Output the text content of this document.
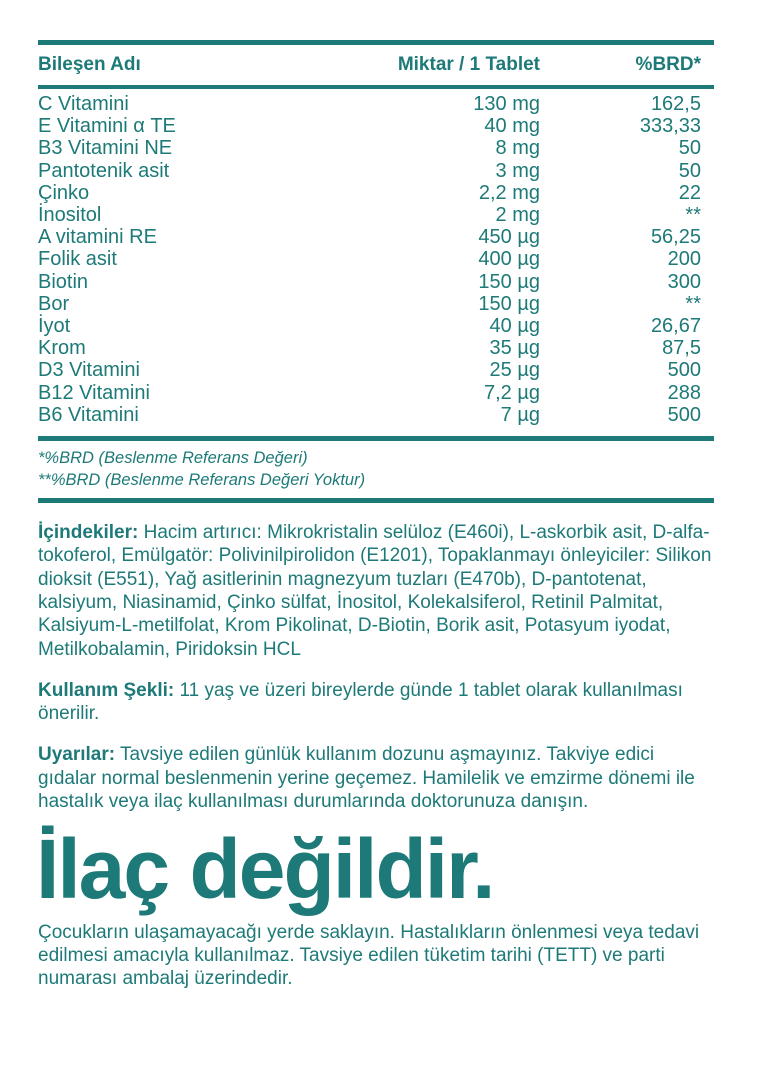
Bileşen Adı	Miktar / 1 Tablet	%BRD*
C Vitamini	130 mg	162,5
E Vitamini α TE	40 mg	333,33
B3 Vitamini NE	8 mg	50
Pantotenik asit	3 mg	50
Çinko	2,2 mg	22
İnositol	2 mg	**
A vitamini RE	450 µg	56,25
Folik asit	400 µg	200
Biotin	150 µg	300
Bor	150 µg	**
İyot	40 µg	26,67
Krom	35 µg	87,5
D3 Vitamini	25 µg	500
B12 Vitamini	7,2 µg	288
B6 Vitamini	7 µg	500
*%BRD (Beslenme Referans Değeri)
**%BRD (Beslenme Referans Değeri Yoktur)
İçindekiler: Hacim artırıcı: Mikrokristalin selüloz (E460i), L-askorbik asit, D-alfa-tokoferol, Emülgatör: Polivinilpirolidon (E1201), Topaklanmayı önleyiciler: Silikon dioksit (E551), Yağ asitlerinin magnezyum tuzları (E470b), D-pantotenat, kalsiyum, Niasinamid, Çinko sülfat, İnositol, Kolekalsiferol, Retinil Palmitat, Kalsiyum-L-metilfolat, Krom Pikolinat, D-Biotin, Borik asit, Potasyum iyodat, Metilkobalamin, Piridoksin HCL
Kullanım Şekli: 11 yaş ve üzeri bireylerde günde 1 tablet olarak kullanılması önerilir.
Uyarılar: Tavsiye edilen günlük kullanım dozunu aşmayınız. Takviye edici gıdalar normal beslenmenin yerine geçemez. Hamilelik ve emzirme dönemi ile hastalık veya ilaç kullanılması durumlarında doktorunuza danışın.
İlaç değildir.
Çocukların ulaşamayacağı yerde saklayın. Hastalıkların önlenmesi veya tedavi edilmesi amacıyla kullanılmaz. Tavsiye edilen tüketim tarihi (TETT) ve parti numarası ambalaj üzerindedir.
